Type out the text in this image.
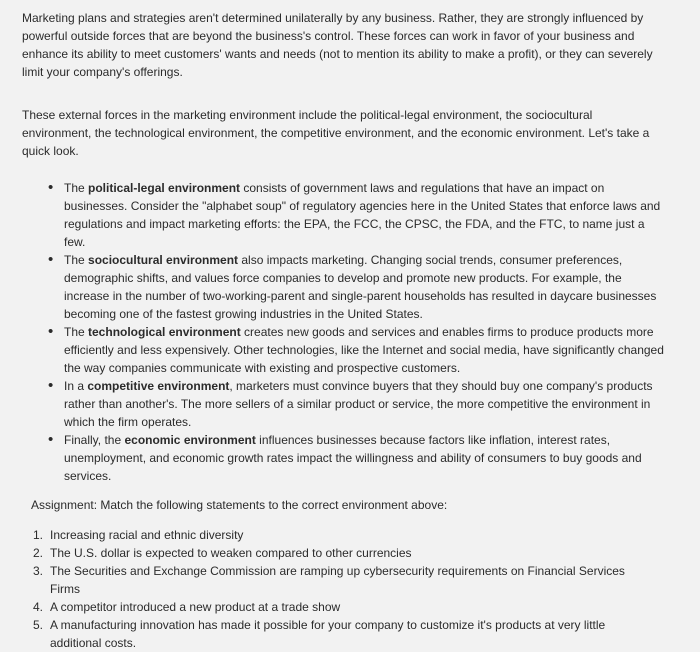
Marketing plans and strategies aren't determined unilaterally by any business. Rather, they are strongly influenced by powerful outside forces that are beyond the business's control. These forces can work in favor of your business and enhance its ability to meet customers' wants and needs (not to mention its ability to make a profit), or they can severely limit your company's offerings.

These external forces in the marketing environment include the political-legal environment, the sociocultural environment, the technological environment, the competitive environment, and the economic environment. Let's take a quick look.

• The political-legal environment consists of government laws and regulations that have an impact on businesses. Consider the "alphabet soup" of regulatory agencies here in the United States that enforce laws and regulations and impact marketing efforts: the EPA, the FCC, the CPSC, the FDA, and the FTC, to name just a few.
• The sociocultural environment also impacts marketing. Changing social trends, consumer preferences, demographic shifts, and values force companies to develop and promote new products. For example, the increase in the number of two-working-parent and single-parent households has resulted in daycare businesses becoming one of the fastest growing industries in the United States.
• The technological environment creates new goods and services and enables firms to produce products more efficiently and less expensively. Other technologies, like the Internet and social media, have significantly changed the way companies communicate with existing and prospective customers.
• In a competitive environment, marketers must convince buyers that they should buy one company's products rather than another's. The more sellers of a similar product or service, the more competitive the environment in which the firm operates.
• Finally, the economic environment influences businesses because factors like inflation, interest rates, unemployment, and economic growth rates impact the willingness and ability of consumers to buy goods and services.

Assignment: Match the following statements to the correct environment above:

1. Increasing racial and ethnic diversity
2. The U.S. dollar is expected to weaken compared to other currencies
3. The Securities and Exchange Commission are ramping up cybersecurity requirements on Financial Services Firms
4. A competitor introduced a new product at a trade show
5. A manufacturing innovation has made it possible for your company to customize it's products at very little additional costs.
